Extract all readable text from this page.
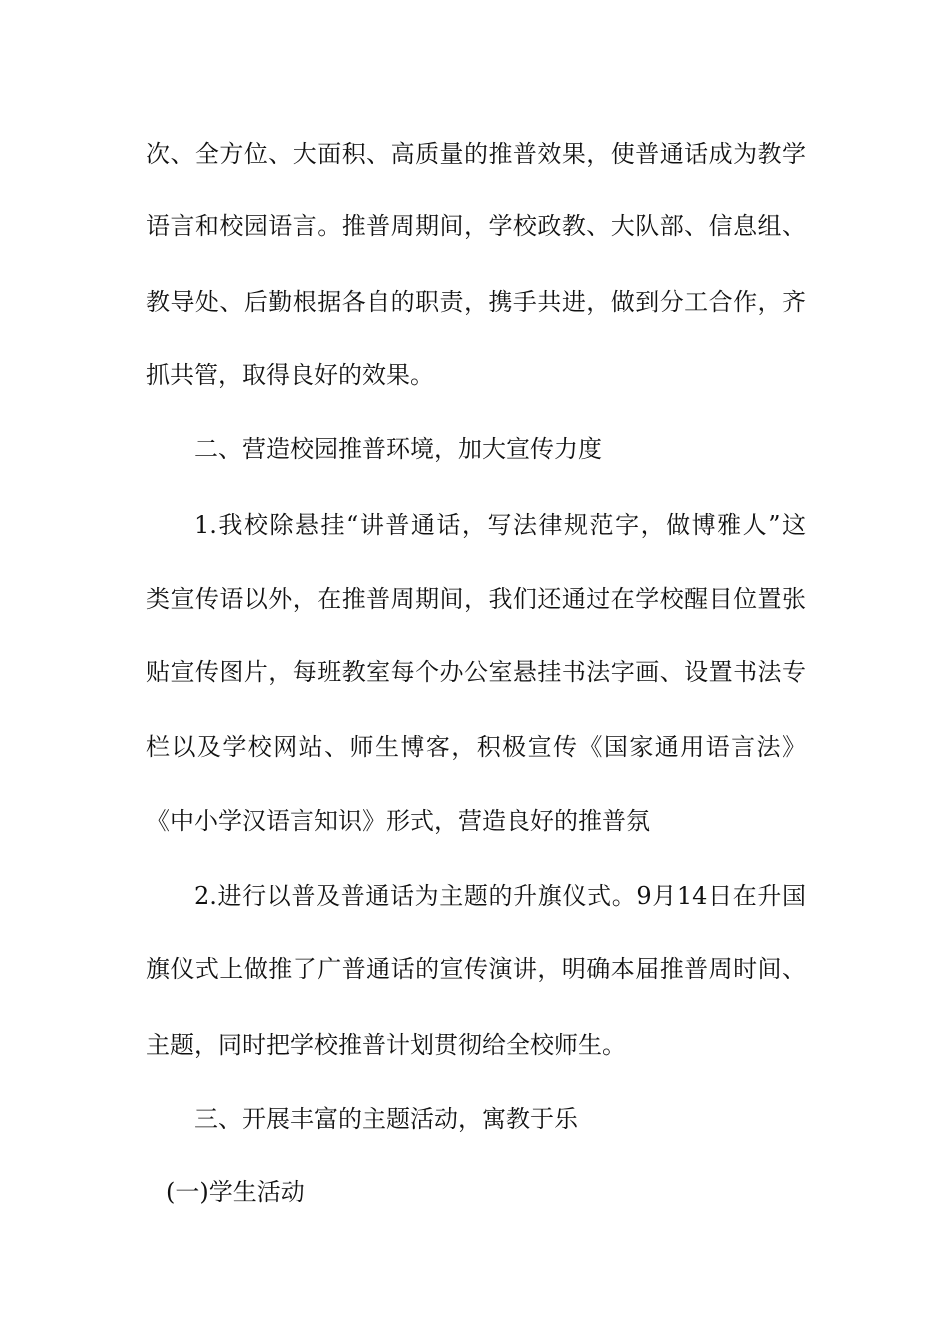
次、全方位、大面积、高质量的推普效果，使普通话成为教学
语言和校园语言。推普周期间，学校政教、大队部、信息组、
教导处、后勤根据各自的职责，携手共进，做到分工合作，齐
抓共管，取得良好的效果。
二、营造校园推普环境，加大宣传力度
1.我校除悬挂“讲普通话，写法律规范字，做博雅人”这
类宣传语以外，在推普周期间，我们还通过在学校醒目位置张
贴宣传图片，每班教室每个办公室悬挂书法字画、设置书法专
栏以及学校网站、师生博客，积极宣传《国家通用语言法》
《中小学汉语言知识》形式，营造良好的推普氛
2.进行以普及普通话为主题的升旗仪式。9月14日在升国
旗仪式上做推了广普通话的宣传演讲，明确本届推普周时间、
主题，同时把学校推普计划贯彻给全校师生。
三、开展丰富的主题活动，寓教于乐
(一)学生活动
